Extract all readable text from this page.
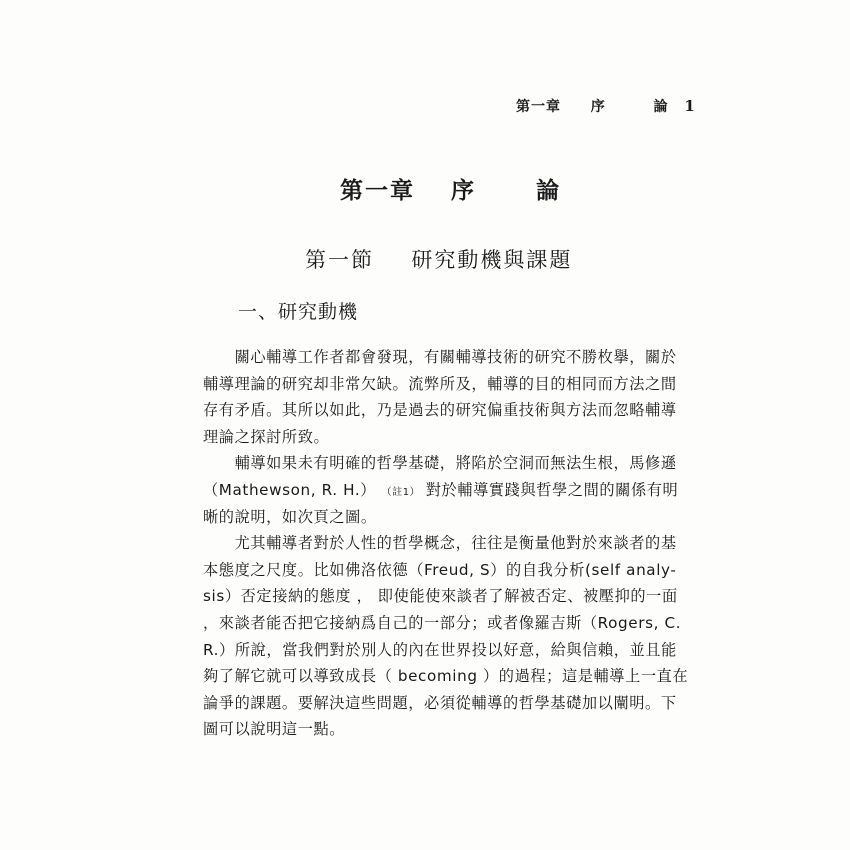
第一章 序	論 1
第一章 序	論
第一節 研究動機與課題
一、研究動機
　　關心輔導工作者都會發現，有關輔導技術的研究不勝枚擧，關於
輔導理論的研究却非常欠缺。流弊所及，輔導的目的相同而方法之間
存有矛盾。其所以如此，乃是過去的研究偏重技術與方法而忽略輔導
理論之探討所致。
　　輔導如果未有明確的哲學基礎，將陷於空洞而無法生根，馬修遜
（Mathewson, R. H.） （註1） 對於輔導實踐與哲學之間的關係有明
晰的說明，如次頁之圖。
　　尤其輔導者對於人性的哲學概念，往往是衡量他對於來談者的基
本態度之尺度。比如佛洛依德（Freud, S）的自我分析(self analy-
sis）否定接納的態度 ， 即使能使來談者了解被否定、被壓抑的一面
，來談者能否把它接納爲自己的一部分；或者像羅吉斯（Rogers, C.
R.）所說，當我們對於別人的內在世界投以好意，給與信賴，並且能
夠了解它就可以導致成長（ becoming ）的過程；這是輔導上一直在
論爭的課題。要解決這些問題，必須從輔導的哲學基礎加以闡明。下
圖可以說明這一點。
